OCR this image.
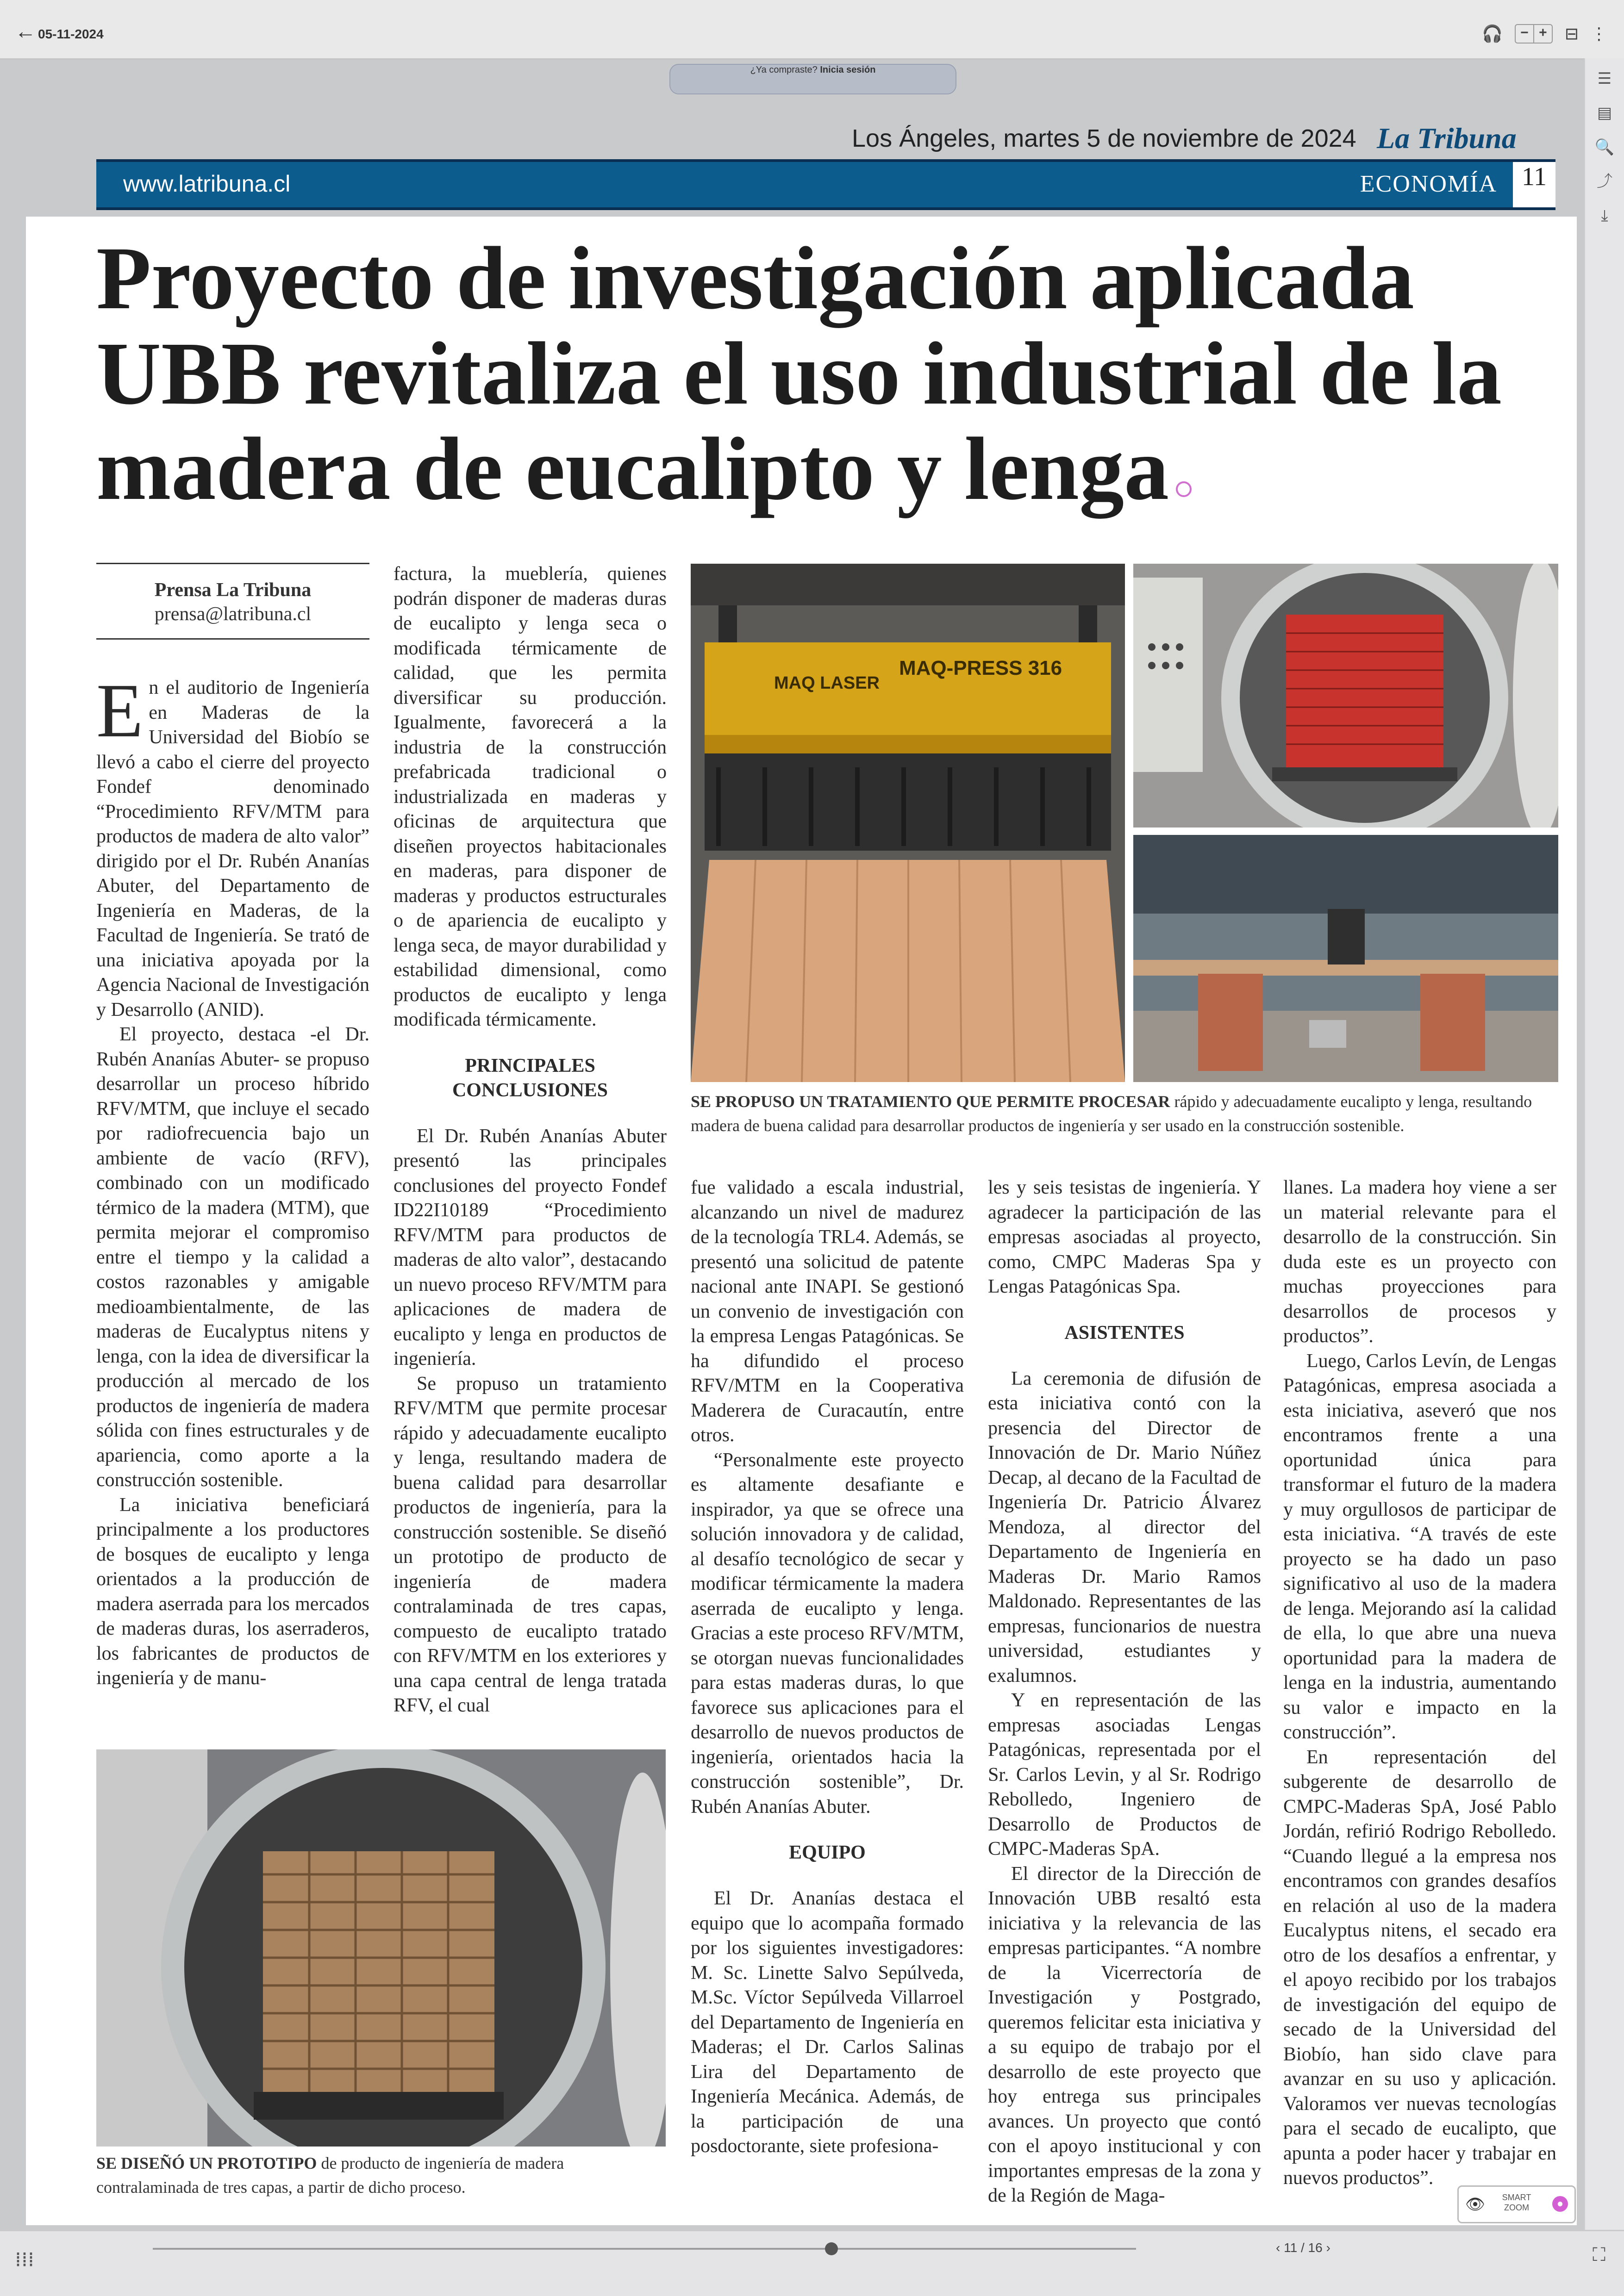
← 05-11-2024	🎧	− + ⊟ ⋮
¿Ya compraste? Inicia sesión	☰
▤
🔍
⤴
⤓
Los Ángeles, martes 5 de noviembre de 2024 La Tribuna
www.latribuna.cl	ECONOMÍA 11
Proyecto de investigación aplicada UBB revitaliza el uso industrial de la madera de eucalipto y lenga
Prensa La Tribuna
prensa@latribuna.cl

En el auditorio de Ingeniería en Maderas de la Universidad del Biobío se llevó a cabo el cierre del proyecto Fondef denominado “Procedimiento RFV/MTM para productos de madera de alto valor” dirigido por el Dr. Rubén Ananías Abuter, del Departamento de Ingeniería en Maderas, de la Facultad de Ingeniería. Se trató de una iniciativa apoyada por la Agencia Nacional de Investigación y Desarrollo (ANID).

El proyecto, destaca -el Dr. Rubén Ananías Abuter- se propuso desarrollar un proceso híbrido RFV/MTM, que incluye el secado por radiofrecuencia bajo un ambiente de vacío (RFV), combinado con un modificado térmico de la madera (MTM), que permita mejorar el compromiso entre el tiempo y la calidad a costos razonables y amigable medioambientalmente, de las maderas de Eucalyptus nitens y lenga, con la idea de diversificar la producción al mercado de los productos de ingeniería de madera sólida con fines estructurales y de apariencia, como aporte a la construcción sostenible.

La iniciativa beneficiará principalmente a los productores de bosques de eucalipto y lenga orientados a la producción de madera aserrada para los mercados de maderas duras, los aserraderos, los fabricantes de productos de ingeniería y de manu-

factura, la mueblería, quienes podrán disponer de maderas duras de eucalipto y lenga seca o modificada térmicamente de calidad, que les permita diversificar su producción. Igualmente, favorecerá a la industria de la construcción prefabricada tradicional o industrializada en maderas y oficinas de arquitectura que diseñen proyectos habitacionales en maderas, para disponer de maderas y productos estructurales o de apariencia de eucalipto y lenga seca, de mayor durabilidad y estabilidad dimensional, como productos de eucalipto y lenga modificada térmicamente.

PRINCIPALES CONCLUSIONES

El Dr. Rubén Ananías Abuter presentó las principales conclusiones del proyecto Fondef ID22I10189 “Procedimiento RFV/MTM para productos de maderas de alto valor”, destacando un nuevo proceso RFV/MTM para aplicaciones de madera de eucalipto y lenga en productos de ingeniería.

Se propuso un tratamiento RFV/MTM que permite procesar rápido y adecuadamente eucalipto y lenga, resultando madera de buena calidad para desarrollar productos de ingeniería, para la construcción sostenible. Se diseñó un prototipo de producto de ingeniería de madera contralaminada de tres capas, compuesto de eucalipto tratado con RFV/MTM en los exteriores y una capa central de lenga tratada RFV, el cual

MAQ LASER
MAQ-PRESS 316
SE PROPUSO UN TRATAMIENTO QUE PERMITE PROCESAR rápido y adecuadamente eucalipto y lenga, resultando madera de buena calidad para desarrollar productos de ingeniería y ser usado en la construcción sostenible.

fue validado a escala industrial, alcanzando un nivel de madurez de la tecnología TRL4. Además, se presentó una solicitud de patente nacional ante INAPI. Se gestionó un convenio de investigación con la empresa Lengas Patagónicas. Se ha difundido el proceso RFV/MTM en la Cooperativa Maderera de Curacautín, entre otros.

“Personalmente este proyecto es altamente desafiante e inspirador, ya que se ofrece una solución innovadora y de calidad, al desafío tecnológico de secar y modificar térmicamente la madera aserrada de eucalipto y lenga. Gracias a este proceso RFV/MTM, se otorgan nuevas funcionalidades para estas maderas duras, lo que favorece sus aplicaciones para el desarrollo de nuevos productos de ingeniería, orientados hacia la construcción sostenible”, Dr. Rubén Ananías Abuter.

EQUIPO

El Dr. Ananías destaca el equipo que lo acompaña formado por los siguientes investigadores: M. Sc. Linette Salvo Sepúlveda, M.Sc. Víctor Sepúlveda Villarroel del Departamento de Ingeniería en Maderas; el Dr. Carlos Salinas Lira del Departamento de Ingeniería Mecánica. Además, de la participación de una posdoctorante, siete profesiona-

les y seis tesistas de ingeniería. Y agradecer la participación de las empresas asociadas al proyecto, como, CMPC Maderas Spa y Lengas Patagónicas Spa.

ASISTENTES

La ceremonia de difusión de esta iniciativa contó con la presencia del Director de Innovación de Dr. Mario Núñez Decap, al decano de la Facultad de Ingeniería Dr. Patricio Álvarez Mendoza, al director del Departamento de Ingeniería en Maderas Dr. Mario Ramos Maldonado. Representantes de las empresas, funcionarios de nuestra universidad, estudiantes y exalumnos.

Y en representación de las empresas asociadas Lengas Patagónicas, representada por el Sr. Carlos Levin, y al Sr. Rodrigo Rebolledo, Ingeniero de Desarrollo de Productos de CMPC-Maderas SpA.

El director de la Dirección de Innovación UBB resaltó esta iniciativa y la relevancia de las empresas participantes. “A nombre de la Vicerrectoría de Investigación y Postgrado, queremos felicitar esta iniciativa y a su equipo de trabajo por el desarrollo de este proyecto que hoy entrega sus principales avances. Un proyecto que contó con el apoyo institucional y con importantes empresas de la zona y de la Región de Maga-

llanes. La madera hoy viene a ser un material relevante para el desarrollo de la construcción. Sin duda este es un proyecto con muchas proyecciones para desarrollos de procesos y productos”.

Luego, Carlos Levín, de Lengas Patagónicas, empresa asociada a esta iniciativa, aseveró que nos encontramos frente a una oportunidad única para transformar el futuro de la madera y muy orgullosos de participar de esta iniciativa. “A través de este proyecto se ha dado un paso significativo al uso de la madera de lenga. Mejorando así la calidad de ella, lo que abre una nueva oportunidad para la madera de lenga en la industria, aumentando su valor e impacto en la construcción”.

En representación del subgerente de desarrollo de CMPC-Maderas SpA, José Pablo Jordán, refirió Rodrigo Rebolledo. “Cuando llegué a la empresa nos encontramos con grandes desafíos en relación al uso de la madera Eucalyptus nitens, el secado era otro de los desafíos a enfrentar, y el apoyo recibido por los trabajos de investigación del equipo de secado de la Universidad del Biobío, han sido clave para avanzar en su uso y aplicación. Valoramos ver nuevas tecnologías para el secado de eucalipto, que apunta a poder hacer y trabajar en nuevos productos”.

SE DISEÑÓ UN PROTOTIPO de producto de ingeniería de madera contralaminada de tres capas, a partir de dicho proceso.
👁	SMART ZOOM	●
⁞⁞⁞
‹ 11 / 16 ›	⛶
